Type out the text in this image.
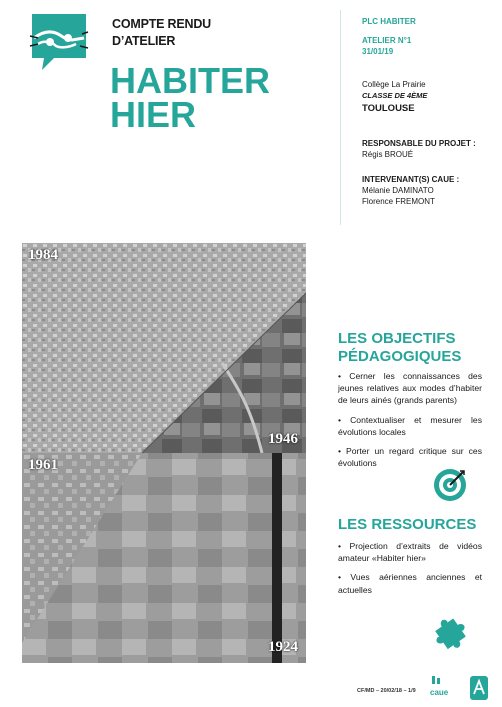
COMPTE RENDU
D’ATELIER
HABITER
HIER
PLC HABITER
ATELIER N°1
31/01/19
Collège La Prairie
CLASSE DE 4ÈME
TOULOUSE
RESPONSABLE DU PROJET :
Régis BROUÉ
INTERVENANT(S) CAUE :
Mélanie DAMINATO
Florence FREMONT
1984
1946
1961
1924
LES OBJECTIFS
PÉDAGOGIQUES
• Cerner les connaissances des jeunes relatives aux modes d’habiter de leurs ainés (grands parents)
• Contextualiser et mesurer les évolutions locales
• Porter un regard critique sur ces évolutions
LES RESSOURCES
• Projection d’extraits de vidéos amateur «Habiter hier»
• Vues aériennes anciennes et actuelles
CF/MD – 20/02/18 – 1/9 caue
